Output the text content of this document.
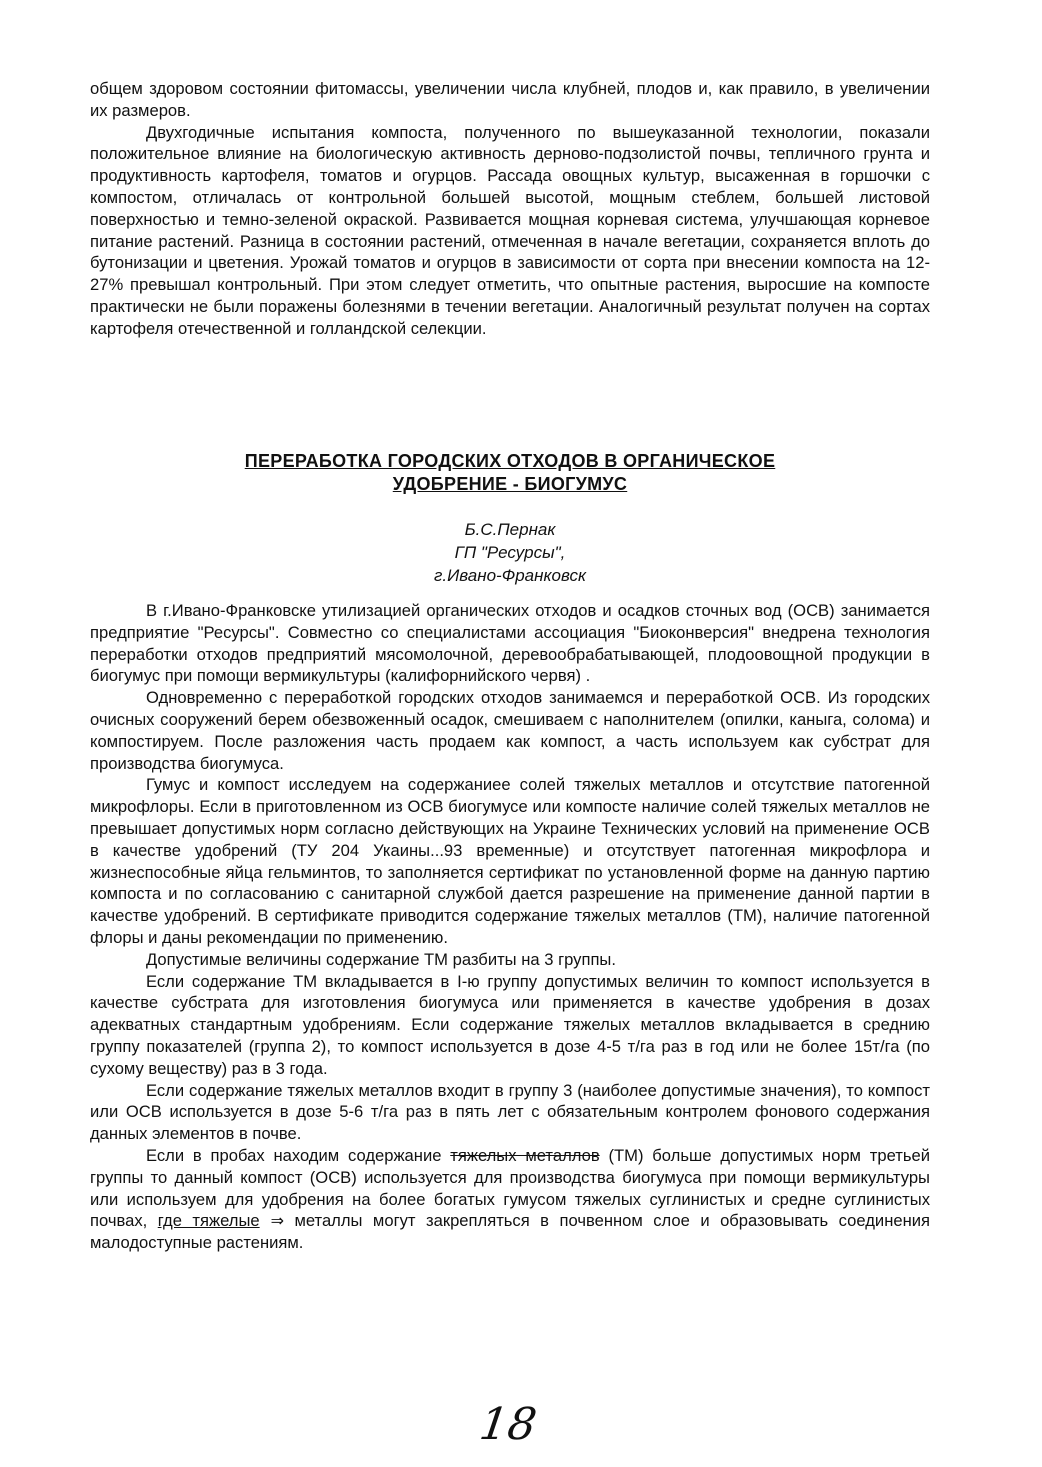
общем здоровом состоянии фитомассы, увеличении числа клубней, плодов и, как правило, в увеличении их размеров.

Двухгодичные испытания компоста, полученного по вышеуказанной технологии, показали положительное влияние на биологическую активность дерново-подзолистой почвы, тепличного грунта и продуктивность картофеля, томатов и огурцов. Рассада овощных культур, высаженная в горшочки с компостом, отличалась от контрольной большей высотой, мощным стеблем, большей листовой поверхностью и темно-зеленой окраской. Развивается мощная корневая система, улучшающая корневое питание растений. Разница в состоянии растений, отмеченная в начале вегетации, сохраняется вплоть до бутонизации и цветения. Урожай томатов и огурцов в зависимости от сорта при внесении компоста на 12-27% превышал контрольный. При этом следует отметить, что опытные растения, выросшие на компосте практически не были поражены болезнями в течении вегетации. Аналогичный результат получен на сортах картофеля отечественной и голландской селекции.

ПЕРЕРАБОТКА ГОРОДСКИХ ОТХОДОВ В ОРГАНИЧЕСКОЕ
УДОБРЕНИЕ - БИОГУМУС
Б.С.Пернак
ГП "Ресурсы",
г.Ивано-Франковск

В г.Ивано-Франковске утилизацией органических отходов и осадков сточных вод (ОСВ) занимается предприятие "Ресурсы". Совместно со специалистами ассоциация "Биоконверсия" внедрена технология переработки отходов предприятий мясомолочной, деревообрабатывающей, плодоовощной продукции в биогумус при помощи вермикультуры (калифорнийского червя) .

Одновременно с переработкой городских отходов занимаемся и переработкой ОСВ. Из городских очисных сооружений берем обезвоженный осадок, смешиваем с наполнителем (опилки, каныга, солома) и компостируем. После разложения часть продаем как компост, а часть используем как субстрат для производства биогумуса.

Гумус и компост исследуем на содержаниее солей тяжелых металлов и отсутствие патогенной микрофлоры. Если в приготовленном из ОСВ биогумусе или компосте наличие солей тяжелых металлов не превышает допустимых норм согласно действующих на Украине Технических условий на применение ОСВ в качестве удобрений (ТУ 204 Укаины...93 временные) и отсутствует патогенная микрофлора и жизнеспособные яйца гельминтов, то заполняется сертификат по установленной форме на данную партию компоста и по согласованию с санитарной службой дается разрешение на применение данной партии в качестве удобрений. В сертификате приводится содержание тяжелых металлов (ТМ), наличие патогенной флоры и даны рекомендации по применению.

Допустимые величины содержание ТМ разбиты на 3 группы.

Если содержание ТМ вкладывается в I-ю группу допустимых величин то компост используется в качестве субстрата для изготовления биогумуса или применяется в качестве удобрения в дозах адекватных стандартным удобрениям. Если содержание тяжелых металлов вкладывается в среднию группу показателей (группа 2), то компост используется в дозе 4-5 т/га раз в год или не более 15т/га (по сухому веществу) раз в 3 года.

Если содержание тяжелых металлов входит в группу 3 (наиболее допустимые значения), то компост или ОСВ используется в дозе 5-6 т/га раз в пять лет с обязательным контролем фонового содержания данных элементов в почве.

Если в пробах находим содержание тяжелых металлов (ТМ) больше допустимых норм третьей группы то данный компост (ОСВ) используется для производства биогумуса при помощи вермикультуры или используем для удобрения на более богатых гумусом тяжелых суглинистых и средне суглинистых почвах, где тяжелые ⇒ металлы могут закрепляться в почвенном слое и образовывать соединения малодоступные растениям.

18
